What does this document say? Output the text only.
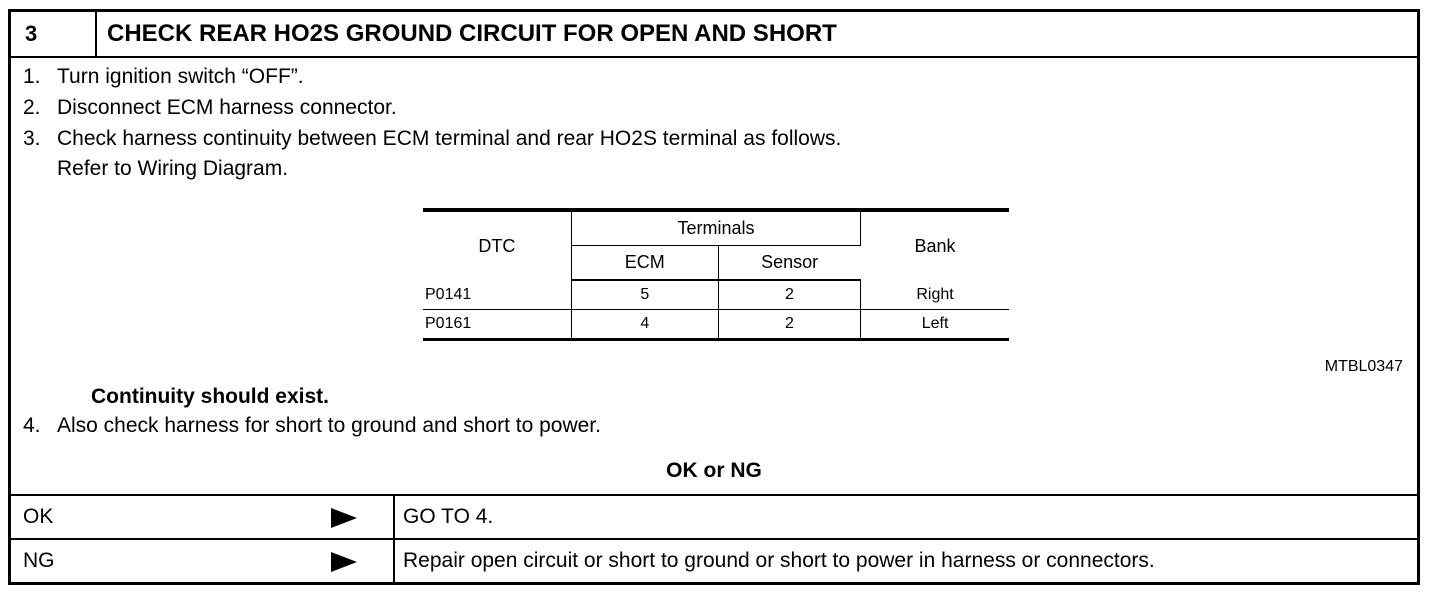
3	CHECK REAR HO2S GROUND CIRCUIT FOR OPEN AND SHORT
1. Turn ignition switch “OFF”.
2. Disconnect ECM harness connector.
3. Check harness continuity between ECM terminal and rear HO2S terminal as follows.
Refer to Wiring Diagram.
DTC	Terminals		Bank
	ECM	Sensor	
P0141	5	2	Right
P0161	4	2	Left
MTBL0347
Continuity should exist.
4. Also check harness for short to ground and short to power.
OK or NG
OK	GO TO 4.
NG	Repair open circuit or short to ground or short to power in harness or connectors.
